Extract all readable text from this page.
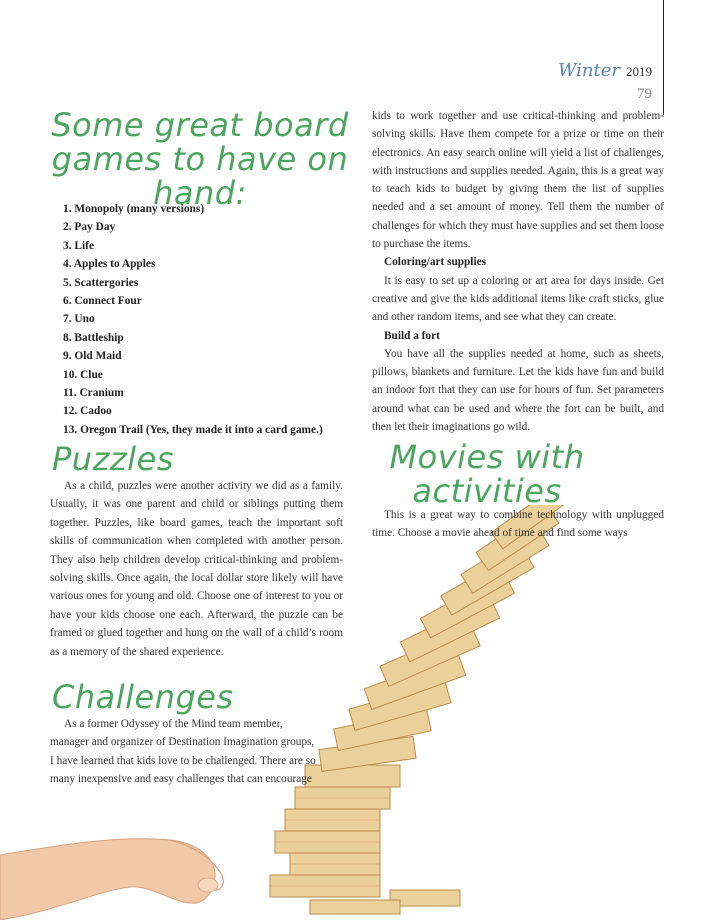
Winter 2019
79
Some great board games to have on hand:
1. Monopoly (many versions)
2. Pay Day
3. Life
4. Apples to Apples
5. Scattergories
6. Connect Four
7. Uno
8. Battleship
9. Old Maid
10. Clue
11. Cranium
12. Cadoo
13. Oregon Trail (Yes, they made it into a card game.)
Puzzles

As a child, puzzles were another activity we did as a family. Usually, it was one parent and child or siblings putting them together. Puzzles, like board games, teach the important soft skills of communication when completed with another person. They also help children develop critical-thinking and problem-solving skills. Once again, the local dollar store likely will have various ones for young and old. Choose one of interest to you or have your kids choose one each. Afterward, the puzzle can be framed or glued together and hung on the wall of a child’s room as a memory of the shared experience.

Challenges

As a former Odyssey of the Mind team member, manager and organizer of Destination Imagination groups, I have learned that kids love to be challenged. There are so many inexpensive and easy challenges that can encourage

kids to work together and use critical-thinking and problem-solving skills. Have them compete for a prize or time on their electronics. An easy search online will yield a list of challenges, with instructions and supplies needed. Again, this is a great way to teach kids to budget by giving them the list of supplies needed and a set amount of money. Tell them the number of challenges for which they must have supplies and set them loose to purchase the items.

Coloring/art supplies

It is easy to set up a coloring or art area for days inside. Get creative and give the kids additional items like craft sticks, glue and other random items, and see what they can create.

Build a fort

You have all the supplies needed at home, such as sheets, pillows, blankets and furniture. Let the kids have fun and build an indoor fort that they can use for hours of fun. Set parameters around what can be used and where the fort can be built, and then let their imaginations go wild.

Movies with activities

This is a great way to combine technology with unplugged time. Choose a movie ahead of time and find some ways
